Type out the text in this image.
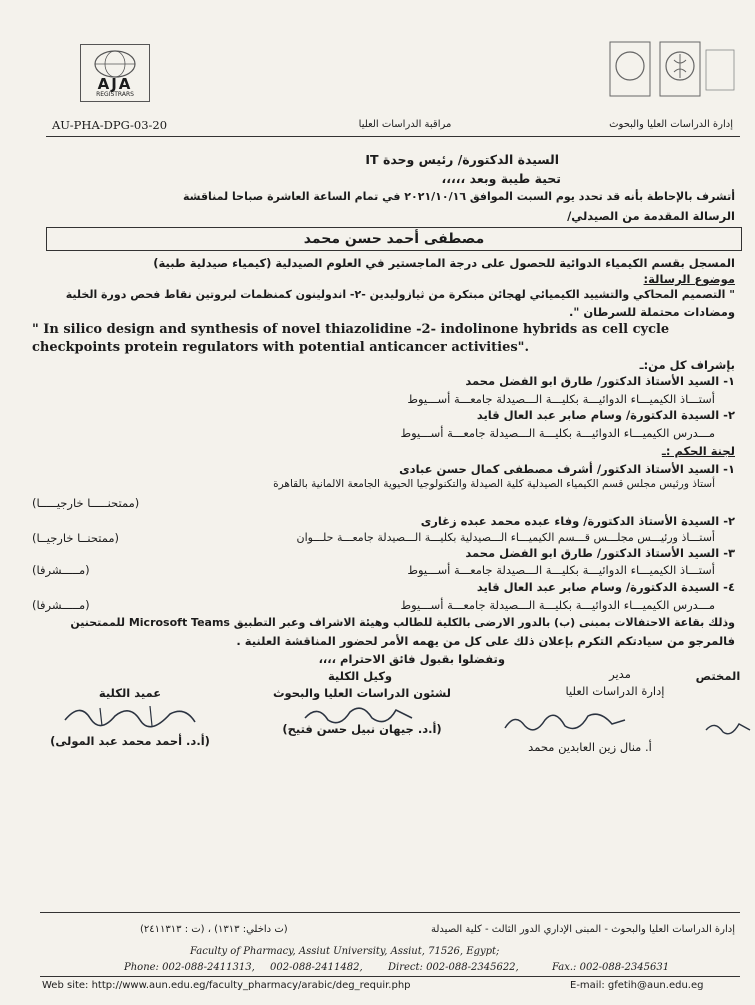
AJA
REGISTRARS
AU-PHA-DPG-03-20	مراقبة الدراسات العليا	إدارة الدراسات العليا والبحوث
السيدة الدكتورة/ رئيس وحدة IT
تحية طيبة وبعد ،،،،،
أتشرف بالإحاطة بأنه قد تحدد يوم السبت الموافق ٢٠٢١/١٠/١٦ في تمام الساعة العاشرة صباحا لمناقشة
الرسالة المقدمة من الصيدلي/
مصطفى أحمد حسن محمد
المسجل بقسم الكيمياء الدوائية للحصول على درجة الماجستير في العلوم الصيدلية (كيمياء صيدلية طبية)
موضوع الرسالة:
" التصميم المحاكي والتشييد الكيميائي لهجائن مبتكرة من ثيازوليدين -٢- اندولينون كمنظمات لبروتين نقاط فحص دورة الخلية
ومضادات محتملة للسرطان ".
" In silico design and synthesis of novel thiazolidine -2- indolinone hybrids as cell cycle
checkpoints protein regulators with potential anticancer activities".
بإشراف كل من:ـ
١- السيد الأستاذ الدكتور/ طارق ابو الفضل محمد
أستـــاذ الكيميـــاء الدوائيـــة بكليـــة الـــصيدلة جامعـــة أســـيوط
٢- السيدة الدكتورة/ وسام صابر عبد العال قايد
مـــدرس الكيميـــاء الدوائيـــة بكليـــة الـــصيدلة جامعـــة أســـيوط
لجنة الحكم :ـ
١- السيد الأستاذ الدكتور/ أشرف مصطفى كمال حسن عبادى
أستاذ ورئيس مجلس قسم الكيمياء الصيدلية كلية الصيدلة والتكنولوجيا الحيوية الجامعة الالمانية بالقاهرة
(ممتحنـــــا خارجيـــــا)
٢- السيدة الأستاذ الدكتورة/ وفاء عبده محمد عبده زغارى
أستـــاذ ورئيـــس مجلـــس قـــسم الكيميـــاء الـــصيدلية بكليـــة الـــصيدلة جامعـــة حلـــوان
(ممتحنــا خارجيــا)
٣- السيد الأستاذ الدكتور/ طارق ابو الفضل محمد
أستـــاذ الكيميـــاء الدوائيـــة بكليـــة الـــصيدلة جامعـــة أســـيوط
(مـــــشرفا)
٤- السيدة الدكتورة/ وسام صابر عبد العال قايد
مـــدرس الكيميـــاء الدوائيـــة بكليـــة الـــصيدلة جامعـــة أســـيوط
(مـــــشرفا)
وذلك بقاعة الاحتفالات بمبنى (ب) بالدور الارضى بالكلية للطالب وهيئة الاشراف وعبر التطبيق Microsoft Teams للممتحنين
فالمرجو من سيادتكم التكرم بإعلان ذلك على كل من يهمه الأمر لحضور المناقشة العلنية .
وتفضلوا بقبول فائق الاحترام ،،،،
وكيل الكلية
لشئون الدراسات العليا والبحوث
(أ.د. جيهان نبيل حسن فتيح)
عميد الكلية
(أ.د. أحمد محمد عبد المولى)
مدير
إدارة الدراسات العليا
أ. منال زين العابدين محمد
المختص
إدارة الدراسات العليا والبحوث - المبنى الإداري الدور الثالث - كلية الصيدلة
(ت داخلي: ١٣١٣) ، (ت : ٢٤١١٣١٣)
Faculty of Pharmacy, Assiut University, Assiut, 71526, Egypt;
Phone: 002-088-2411313, 002-088-2411482,	Direct: 002-088-2345622,	Fax.: 002-088-2345631
Web site: http://www.aun.edu.eg/faculty_pharmacy/arabic/deg_requir.php	E-mail: gfetih@aun.edu.eg
